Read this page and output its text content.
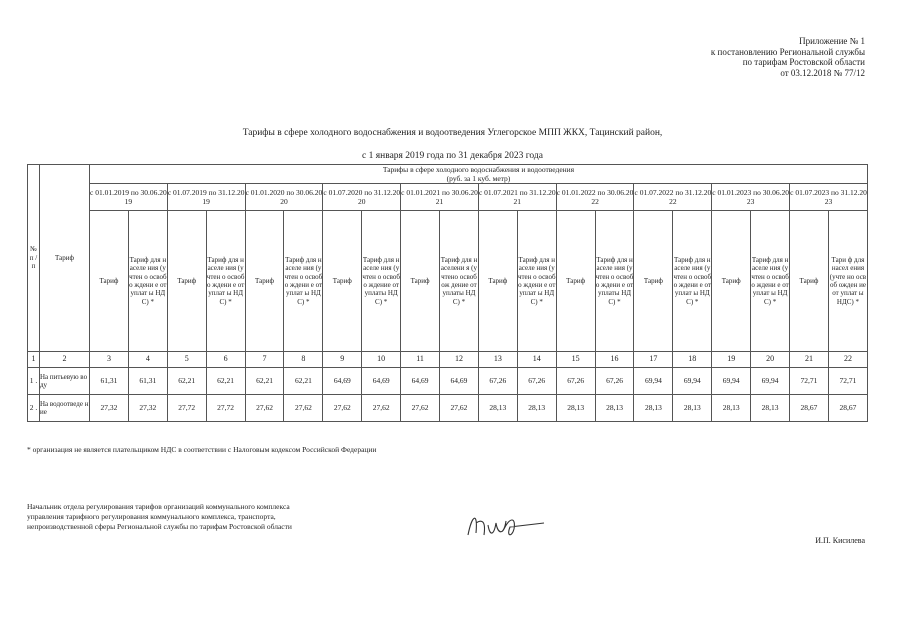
Приложение № 1
к постановлению Региональной службы
по тарифам Ростовской области
от 03.12.2018 № 77/12
Тарифы в сфере холодного водоснабжения и водоотведения Углегорское МПП ЖКХ, Тацинский район,
с 1 января 2019 года по 31 декабря 2023 года
№ п / п	Тариф	Тарифы в сфере холодного водоснабжения и водоотведения
(руб. за 1 куб. метр)																			

		с 01.01.2019 по 30.06.2019		с 01.07.2019 по 31.12.2019		с 01.01.2020 по 30.06.2020		с 01.07.2020 по 31.12.2020		с 01.01.2021 по 30.06.2021		с 01.07.2021 по 31.12.2021		с 01.01.2022 по 30.06.2022		с 01.07.2022 по 31.12.2022		с 01.01.2023 по 30.06.2023		с 01.07.2023 по 31.12.2023	
		Тариф	Тариф для населе ния (учтен о освобо ждени е от уплат ы НДС) *	Тариф	Тариф для населе ния (учтен о освобо ждени е от уплат ы НДС) *	Тариф	Тариф для населе ния (учтен о освобо ждени е от уплат ы НДС) *	Тариф	Тариф для населе ния (учтен о освобо ждение от уплаты НДС) *	Тариф	Тариф для населени я (учтено освобож дение от уплаты НДС) *	Тариф	Тариф для населе ния (учтен о освобо ждени е от уплат ы НДС) *	Тариф	Тариф для населе ния (учтен о освобо ждени е от уплаты НДС) *	Тариф	Тариф для населе ния (учтен о освобо ждени е от уплат ы НДС) *	Тариф	Тариф для населе ния (учтен о освобо ждени е от уплат ы НДС) *	Тариф	Тари ф для насел ения (учте но освоб ожден ие от уплат ы НДС) *
1	2	3	4	5	6	7	8	9	10	11	12	13	14	15	16	17	18	19	20	21	22
1 .	На питьевую воду	61,31	61,31	62,21	62,21	62,21	62,21	64,69	64,69	64,69	64,69	67,26	67,26	67,26	67,26	69,94	69,94	69,94	69,94	72,71	72,71
2 .	На водоотведе ние	27,32	27,32	27,72	27,72	27,62	27,62	27,62	27,62	27,62	27,62	28,13	28,13	28,13	28,13	28,13	28,13	28,13	28,13	28,67	28,67
* организация не является плательщиком НДС в соответствии с Налоговым кодексом Российской Федерации
Начальник отдела регулирования тарифов организаций коммунального комплекса
управления тарифного регулирования коммунального комплекса, транспорта,
непроизводственной сферы Региональной службы по тарифам Ростовской области
И.П. Кисилева
